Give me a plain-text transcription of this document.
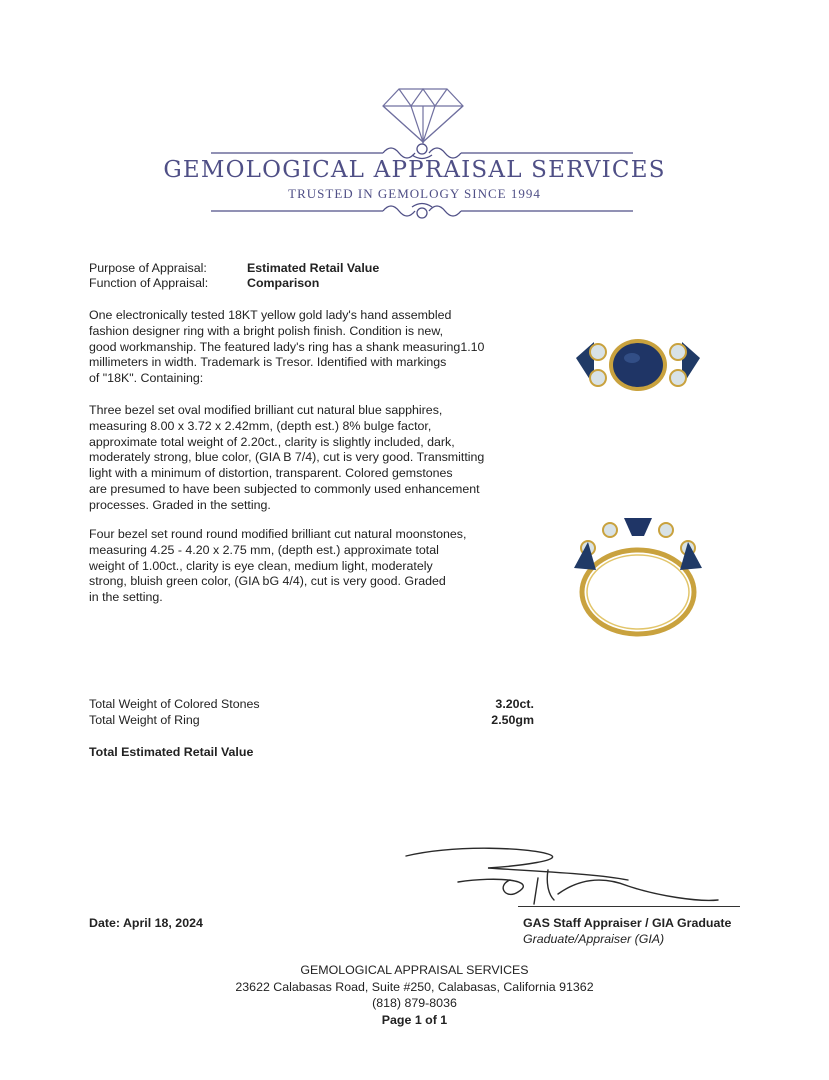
GEMOLOGICAL APPRAISAL SERVICES
TRUSTED IN GEMOLOGY SINCE 1994
Purpose of Appraisal:	Estimated Retail Value
Function of Appraisal:	Comparison
One electronically tested 18KT yellow gold lady's hand assembled
fashion designer ring with a bright polish finish. Condition is new,
good workmanship. The featured lady's ring has a shank measuring1.10
millimeters in width. Trademark is Tresor. Identified with markings
of "18K". Containing:
Three bezel set oval modified brilliant cut natural blue sapphires,
measuring 8.00 x 3.72 x 2.42mm, (depth est.) 8% bulge factor,
approximate total weight of 2.20ct., clarity is slightly included, dark,
moderately strong, blue color, (GIA B 7/4), cut is very good. Transmitting
light with a minimum of distortion, transparent. Colored gemstones
are presumed to have been subjected to commonly used enhancement
processes. Graded in the setting.
Four bezel set round round modified brilliant cut natural moonstones,
measuring 4.25 - 4.20 x 2.75 mm, (depth est.) approximate total
weight of 1.00ct., clarity is eye clean, medium light, moderately
strong, bluish green color, (GIA bG 4/4), cut is very good. Graded
in the setting.
Total Weight of Colored Stones	3.20ct.
Total Weight of Ring	2.50gm
Total Estimated Retail Value
Date: April 18, 2024	GAS Staff Appraiser / GIA Graduate
Graduate/Appraiser (GIA)
GEMOLOGICAL APPRAISAL SERVICES
23622 Calabasas Road, Suite #250, Calabasas, California 91362
(818) 879-8036
Page 1 of 1
